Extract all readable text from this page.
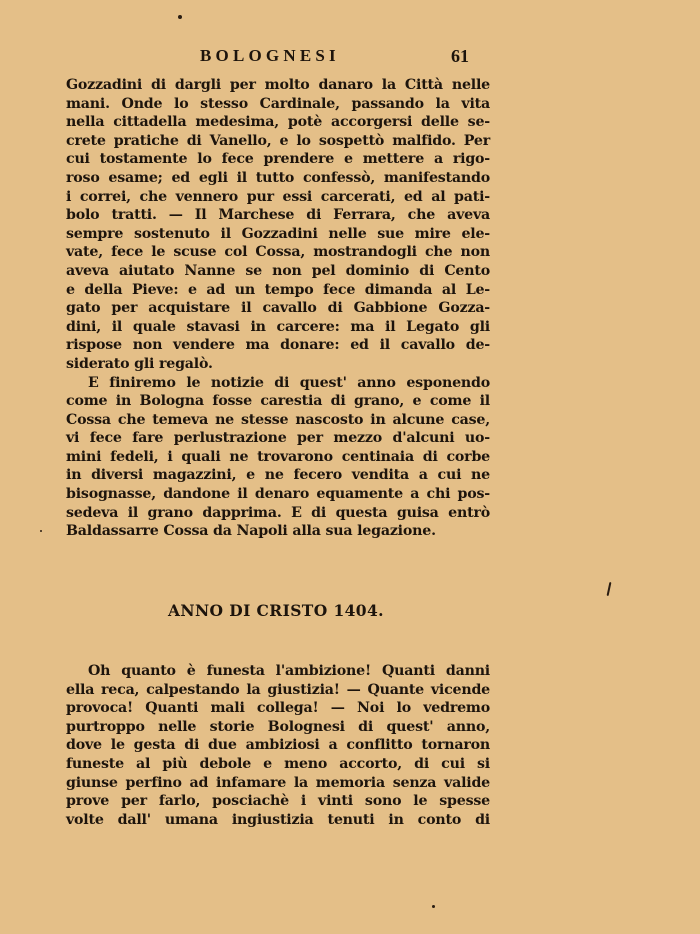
BOLOGNESI	61
Gozzadini di dargli per molto danaro la Città nelle
mani. Onde lo stesso Cardinale, passando la vita
nella cittadella medesima, potè accorgersi delle se-
crete pratiche di Vanello, e lo sospettò malfido. Per
cui tostamente lo fece prendere e mettere a rigo-
roso esame; ed egli il tutto confessò, manifestando
i correi, che vennero pur essi carcerati, ed al pati-
bolo tratti. — Il Marchese di Ferrara, che aveva
sempre sostenuto il Gozzadini nelle sue mire ele-
vate, fece le scuse col Cossa, mostrandogli che non
aveva aiutato Nanne se non pel dominio di Cento
e della Pieve: e ad un tempo fece dimanda al Le-
gato per acquistare il cavallo di Gabbione Gozza-
dini, il quale stavasi in carcere: ma il Legato gli
rispose non vendere ma donare: ed il cavallo de-
siderato gli regalò.
E finiremo le notizie di quest' anno esponendo
come in Bologna fosse carestia di grano, e come il
Cossa che temeva ne stesse nascosto in alcune case,
vi fece fare perlustrazione per mezzo d'alcuni uo-
mini fedeli, i quali ne trovarono centinaia di corbe
in diversi magazzini, e ne fecero vendita a cui ne
bisognasse, dandone il denaro equamente a chi pos-
sedeva il grano dapprima. E di questa guisa entrò
Baldassarre Cossa da Napoli alla sua legazione.
ANNO DI CRISTO 1404.
Oh quanto è funesta l'ambizione! Quanti danni
ella reca, calpestando la giustizia! — Quante vicende
provoca! Quanti mali collega! — Noi lo vedremo
purtroppo nelle storie Bolognesi di quest' anno,
dove le gesta di due ambiziosi a conflitto tornaron
funeste al più debole e meno accorto, di cui si
giunse perfino ad infamare la memoria senza valide
prove per farlo, posciachè i vinti sono le spesse
volte dall' umana ingiustizia tenuti in conto di
